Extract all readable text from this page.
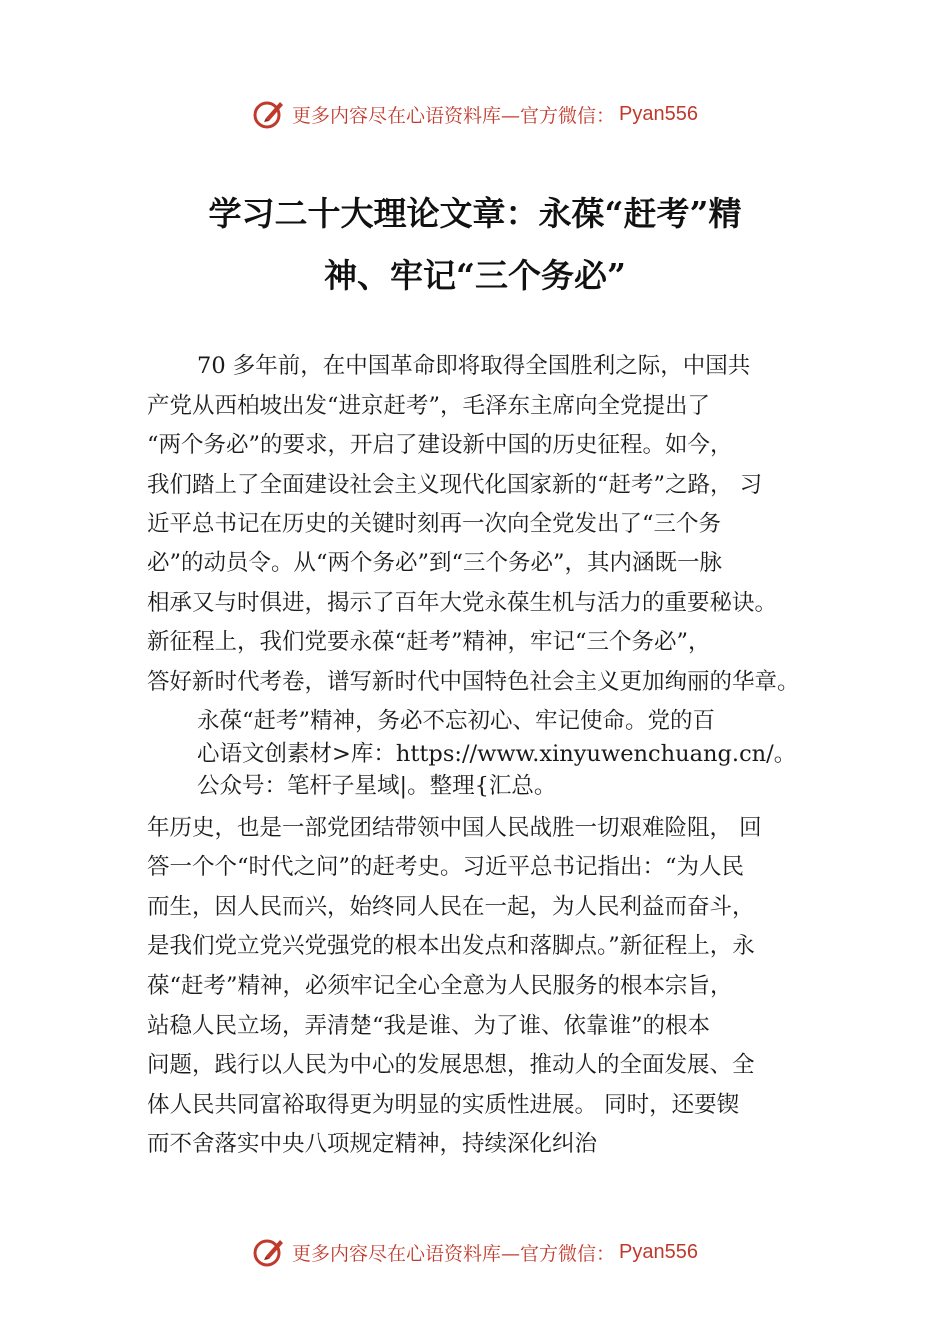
更多内容尽在心语资料库—官方微信： Pyan556
学习二十大理论文章：永葆“赶考”精
神、牢记“三个务必”
70 多年前，在中国革命即将取得全国胜利之际，中国共
产党从西柏坡出发“进京赶考”，毛泽东主席向全党提出了
“两个务必”的要求，开启了建设新中国的历史征程。如今，
我们踏上了全面建设社会主义现代化国家新的“赶考”之路， 习
近平总书记在历史的关键时刻再一次向全党发出了“三个务
必”的动员令。从“两个务必”到“三个务必”，其内涵既一脉
相承又与时俱进，揭示了百年大党永葆生机与活力的重要秘诀。
新征程上，我们党要永葆“赶考”精神，牢记“三个务必”，
答好新时代考卷，谱写新时代中国特色社会主义更加绚丽的华章。
永葆“赶考”精神，务必不忘初心、牢记使命。党的百
心语文创素材>库：https://www.xinyuwenchuang.cn/。
公众号：笔杆子星域|。整理{汇总。
年历史，也是一部党团结带领中国人民战胜一切艰难险阻， 回
答一个个“时代之问”的赶考史。习近平总书记指出：“为人民
而生，因人民而兴，始终同人民在一起，为人民利益而奋斗，
是我们党立党兴党强党的根本出发点和落脚点。”新征程上，永
葆“赶考”精神，必须牢记全心全意为人民服务的根本宗旨，
站稳人民立场，弄清楚“我是谁、为了谁、依靠谁”的根本
问题，践行以人民为中心的发展思想，推动人的全面发展、全
体人民共同富裕取得更为明显的实质性进展。 同时，还要锲
而不舍落实中央八项规定精神，持续深化纠治
更多内容尽在心语资料库—官方微信： Pyan556
